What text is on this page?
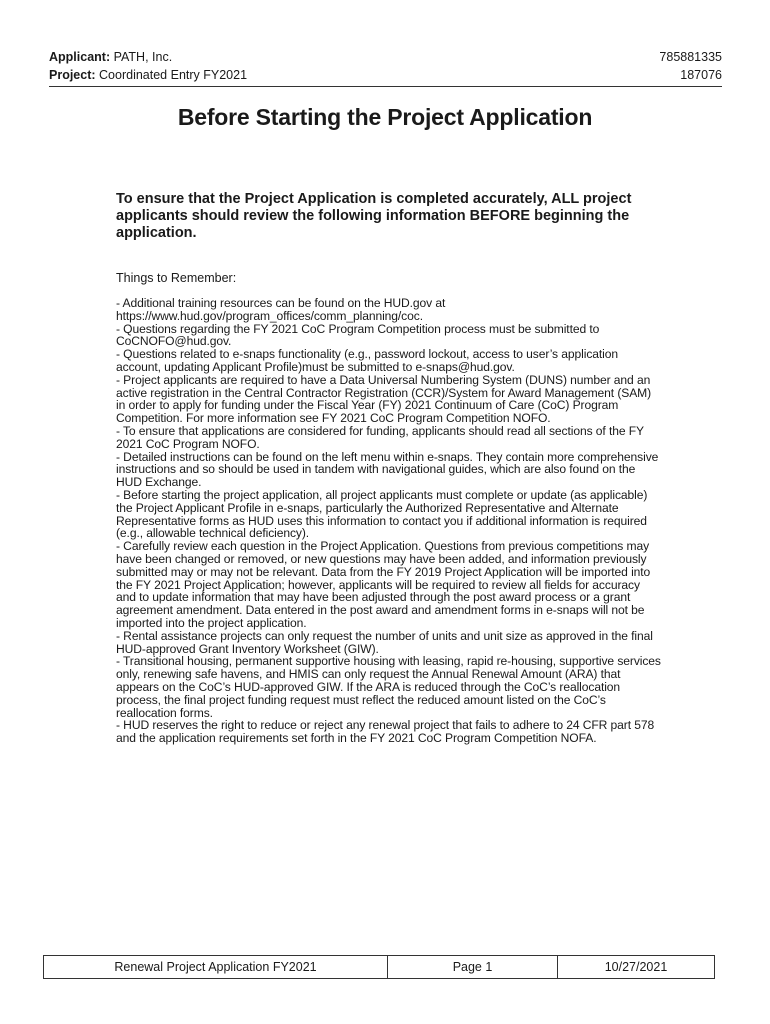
Applicant: PATH, Inc.	785881335
Project: Coordinated Entry FY2021	187076
Before Starting the Project Application
To ensure that the Project Application is completed accurately, ALL project applicants should review the following information BEFORE beginning the application.
Things to Remember:

- Additional training resources can be found on the HUD.gov at https://www.hud.gov/program_offices/comm_planning/coc.

- Questions regarding the FY 2021 CoC Program Competition process must be submitted to CoCNOFO@hud.gov.

- Questions related to e-snaps functionality (e.g., password lockout, access to user’s application account, updating Applicant Profile)must be submitted to e-snaps@hud.gov.

- Project applicants are required to have a Data Universal Numbering System (DUNS) number and an active registration in the Central Contractor Registration (CCR)/System for Award Management (SAM) in order to apply for funding under the Fiscal Year (FY) 2021 Continuum of Care (CoC) Program Competition. For more information see FY 2021 CoC Program Competition NOFO.

- To ensure that applications are considered for funding, applicants should read all sections of the FY 2021 CoC Program NOFO.

- Detailed instructions can be found on the left menu within e-snaps. They contain more comprehensive instructions and so should be used in tandem with navigational guides, which are also found on the HUD Exchange.

- Before starting the project application, all project applicants must complete or update (as applicable) the Project Applicant Profile in e-snaps, particularly the Authorized Representative and Alternate Representative forms as HUD uses this information to contact you if additional information is required (e.g., allowable technical deficiency).

- Carefully review each question in the Project Application. Questions from previous competitions may have been changed or removed, or new questions may have been added, and information previously submitted may or may not be relevant. Data from the FY 2019 Project Application will be imported into the FY 2021 Project Application; however, applicants will be required to review all fields for accuracy and to update information that may have been adjusted through the post award process or a grant agreement amendment. Data entered in the post award and amendment forms in e-snaps will not be imported into the project application.

- Rental assistance projects can only request the number of units and unit size as approved in the final HUD-approved Grant Inventory Worksheet (GIW).

- Transitional housing, permanent supportive housing with leasing, rapid re-housing, supportive services only, renewing safe havens, and HMIS can only request the Annual Renewal Amount (ARA) that appears on the CoC’s HUD-approved GIW. If the ARA is reduced through the CoC’s reallocation process, the final project funding request must reflect the reduced amount listed on the CoC’s reallocation forms.

- HUD reserves the right to reduce or reject any renewal project that fails to adhere to 24 CFR part 578 and the application requirements set forth in the FY 2021 CoC Program Competition NOFA.

Renewal Project Application FY2021	Page 1	10/27/2021
